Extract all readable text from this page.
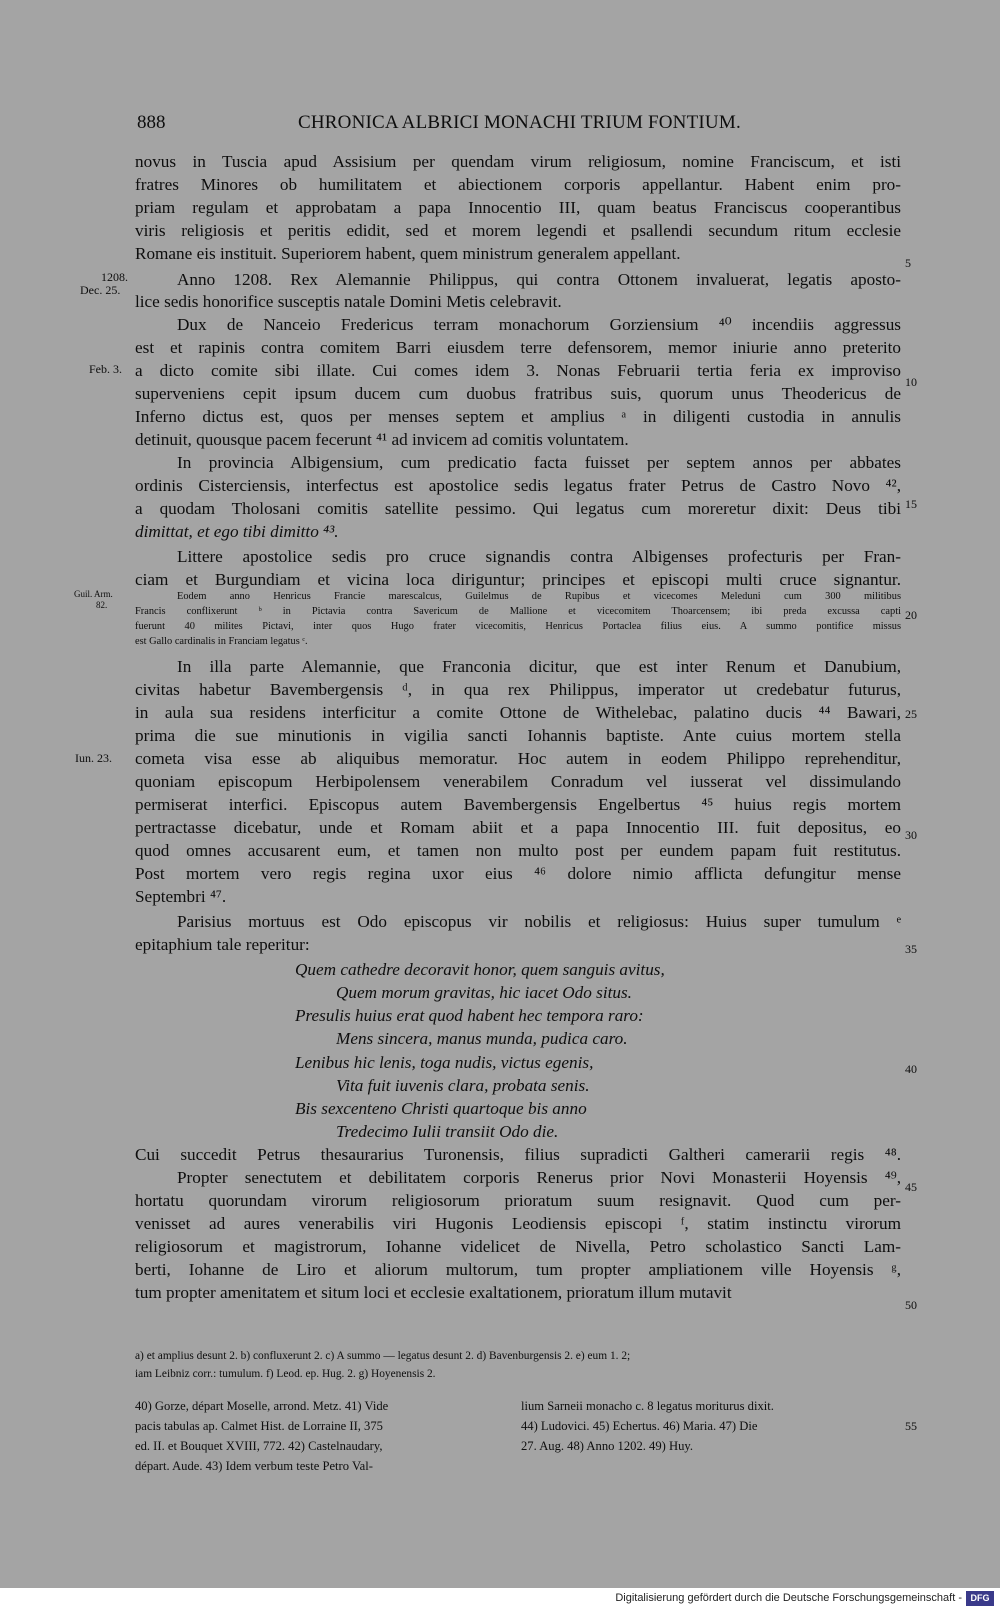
888	CHRONICA ALBRICI MONACHI TRIUM FONTIUM.
novus in Tuscia apud Assisium per quendam virum religiosum, nomine Franciscum, et isti
fratres Minores ob humilitatem et abiectionem corporis appellantur. Habent enim pro-
priam regulam et approbatam a papa Innocentio III, quam beatus Franciscus cooperantibus
viris religiosis et peritis edidit, sed et morem legendi et psallendi secundum ritum ecclesie
Romane eis instituit. Superiorem habent, quem ministrum generalem appellant.
Anno 1208. Rex Alemannie Philippus, qui contra Ottonem invaluerat, legatis aposto-
lice sedis honorifice susceptis natale Domini Metis celebravit.
Dux de Nanceio Fredericus terram monachorum Gorziensium ⁴⁰ incendiis aggressus
est et rapinis contra comitem Barri eiusdem terre defensorem, memor iniurie anno preterito
a dicto comite sibi illate. Cui comes idem 3. Nonas Februarii tertia feria ex improviso
superveniens cepit ipsum ducem cum duobus fratribus suis, quorum unus Theodericus de
Inferno dictus est, quos per menses septem et amplius ᵃ in diligenti custodia in annulis
detinuit, quousque pacem fecerunt ⁴¹ ad invicem ad comitis voluntatem.
In provincia Albigensium, cum predicatio facta fuisset per septem annos per abbates
ordinis Cisterciensis, interfectus est apostolice sedis legatus frater Petrus de Castro Novo ⁴²,
a quodam Tholosani comitis satellite pessimo. Qui legatus cum moreretur dixit: Deus tibi
dimittat, et ego tibi dimitto ⁴³.
Littere apostolice sedis pro cruce signandis contra Albigenses profecturis per Fran-
ciam et Burgundiam et vicina loca diriguntur; principes et episcopi multi cruce signantur.
Eodem anno Henricus Francie marescalcus, Guilelmus de Rupibus et vicecomes Meleduni cum 300 militibus
Francis conflixerunt ᵇ in Pictavia contra Savericum de Mallione et vicecomitem Thoarcensem; ibi preda excussa capti
fuerunt 40 milites Pictavi, inter quos Hugo frater vicecomitis, Henricus Portaclea filius eius. A summo pontifice missus
est Gallo cardinalis in Franciam legatus ᶜ.
In illa parte Alemannie, que Franconia dicitur, que est inter Renum et Danubium,
civitas habetur Bavembergensis ᵈ, in qua rex Philippus, imperator ut credebatur futurus,
in aula sua residens interficitur a comite Ottone de Withelebac, palatino ducis ⁴⁴ Bawari,
prima die sue minutionis in vigilia sancti Iohannis baptiste. Ante cuius mortem stella
cometa visa esse ab aliquibus memoratur. Hoc autem in eodem Philippo reprehenditur,
quoniam episcopum Herbipolensem venerabilem Conradum vel iusserat vel dissimulando
permiserat interfici. Episcopus autem Bavembergensis Engelbertus ⁴⁵ huius regis mortem
pertractasse dicebatur, unde et Romam abiit et a papa Innocentio III. fuit depositus, eo
quod omnes accusarent eum, et tamen non multo post per eundem papam fuit restitutus.
Post mortem vero regis regina uxor eius ⁴⁶ dolore nimio afflicta defungitur mense
Septembri ⁴⁷.
Parisius mortuus est Odo episcopus vir nobilis et religiosus: Huius super tumulum ᵉ
epitaphium tale reperitur:
Quem cathedre decoravit honor, quem sanguis avitus,
Quem morum gravitas, hic iacet Odo situs.
Presulis huius erat quod habent hec tempora raro:
Mens sincera, manus munda, pudica caro.
Lenibus hic lenis, toga nudis, victus egenis,
Vita fuit iuvenis clara, probata senis.
Bis sexcenteno Christi quartoque bis anno
Tredecimo Iulii transiit Odo die.
Cui succedit Petrus thesaurarius Turonensis, filius supradicti Galtheri camerarii regis ⁴⁸.
Propter senectutem et debilitatem corporis Renerus prior Novi Monasterii Hoyensis ⁴⁹,
hortatu quorundam virorum religiosorum prioratum suum resignavit. Quod cum per-
venisset ad aures venerabilis viri Hugonis Leodiensis episcopi ᶠ, statim instinctu virorum
religiosorum et magistrorum, Iohanne videlicet de Nivella, Petro scholastico Sancti Lam-
berti, Iohanne de Liro et aliorum multorum, tum propter ampliationem ville Hoyensis ᵍ,
tum propter amenitatem et situm loci et ecclesie exaltationem, prioratum illum mutavit
1208.
Dec. 25.
Feb. 3.
Guil. Arm.
82.
Iun. 23.
5
10
15
20
25
30
35
40
45
50
a) et amplius desunt 2. b) confluxerunt 2. c) A summo — legatus desunt 2. d) Bavenburgensis 2. e) eum 1. 2;
iam Leibniz corr.: tumulum. f) Leod. ep. Hug. 2. g) Hoyenensis 2.
40) Gorze, départ Moselle, arrond. Metz. 41) Vide
pacis tabulas ap. Calmet Hist. de Lorraine II, 375
ed. II. et Bouquet XVIII, 772. 42) Castelnaudary,
départ. Aude. 43) Idem verbum teste Petro Val-
lium Sarneii monacho c. 8 legatus moriturus dixit.
44) Ludovici. 45) Echertus. 46) Maria. 47) Die
27. Aug. 48) Anno 1202. 49) Huy.
55
Digitalisierung gefördert durch die Deutsche Forschungsgemeinschaft - DFG
